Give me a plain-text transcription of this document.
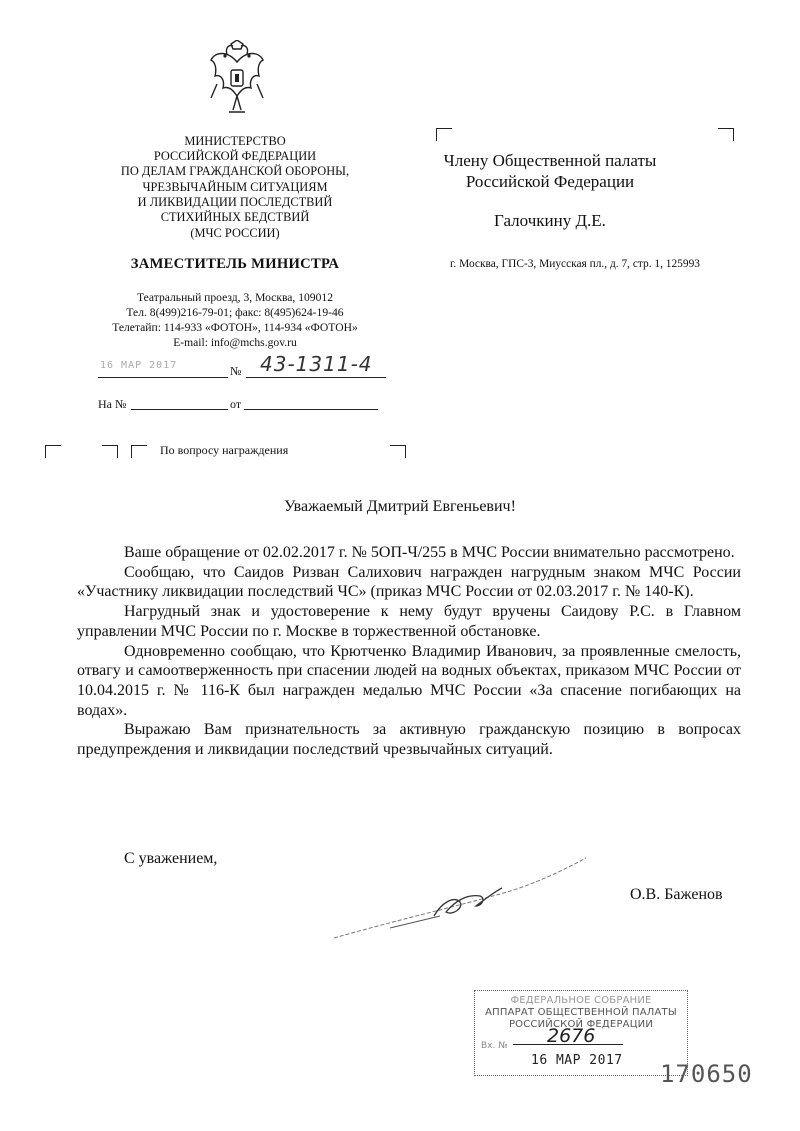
МИНИСТЕРСТВО
РОССИЙСКОЙ ФЕДЕРАЦИИ
ПО ДЕЛАМ ГРАЖДАНСКОЙ ОБОРОНЫ,
ЧРЕЗВЫЧАЙНЫМ СИТУАЦИЯМ
И ЛИКВИДАЦИИ ПОСЛЕДСТВИЙ
СТИХИЙНЫХ БЕДСТВИЙ
(МЧС РОССИИ)
ЗАМЕСТИТЕЛЬ МИНИСТРА
Театральный проезд, 3, Москва, 109012
Тел. 8(499)216-79-01; факс: 8(495)624-19-46
Телетайп: 114-933 «ФОТОН», 114-934 «ФОТОН»
E-mail: info@mchs.gov.ru
16 МАР 2017	№ 43-1311-4
На №	от
По вопросу награждения
Члену Общественной палаты
Российской Федерации
Галочкину Д.Е.
г. Москва, ГПС-3, Миусская пл., д. 7, стр. 1, 125993
Уважаемый Дмитрий Евгеньевич!

Ваше обращение от 02.02.2017 г. № 5ОП-Ч/255 в МЧС России внимательно рассмотрено.

Сообщаю, что Саидов Ризван Салихович награжден нагрудным знаком МЧС России «Участнику ликвидации последствий ЧС» (приказ МЧС России от 02.03.2017 г. № 140-К).

Нагрудный знак и удостоверение к нему будут вручены Саидову Р.С. в Главном управлении МЧС России по г. Москве в торжественной обстановке.

Одновременно сообщаю, что Крютченко Владимир Иванович, за проявленные смелость, отвагу и самоотверженность при спасении людей на водных объектах, приказом МЧС России от 10.04.2015 г. № 116-К был награжден медалью МЧС России «За спасение погибающих на водах».

Выражаю Вам признательность за активную гражданскую позицию в вопросах предупреждения и ликвидации последствий чрезвычайных ситуаций.

С уважением,
О.В. Баженов
ФЕДЕРАЛЬНОЕ СОБРАНИЕ
АППАРАТ ОБЩЕСТВЕННОЙ ПАЛАТЫ
РОССИЙСКОЙ ФЕДЕРАЦИИ
2676
Вх. №
16 МАР 2017 170650
